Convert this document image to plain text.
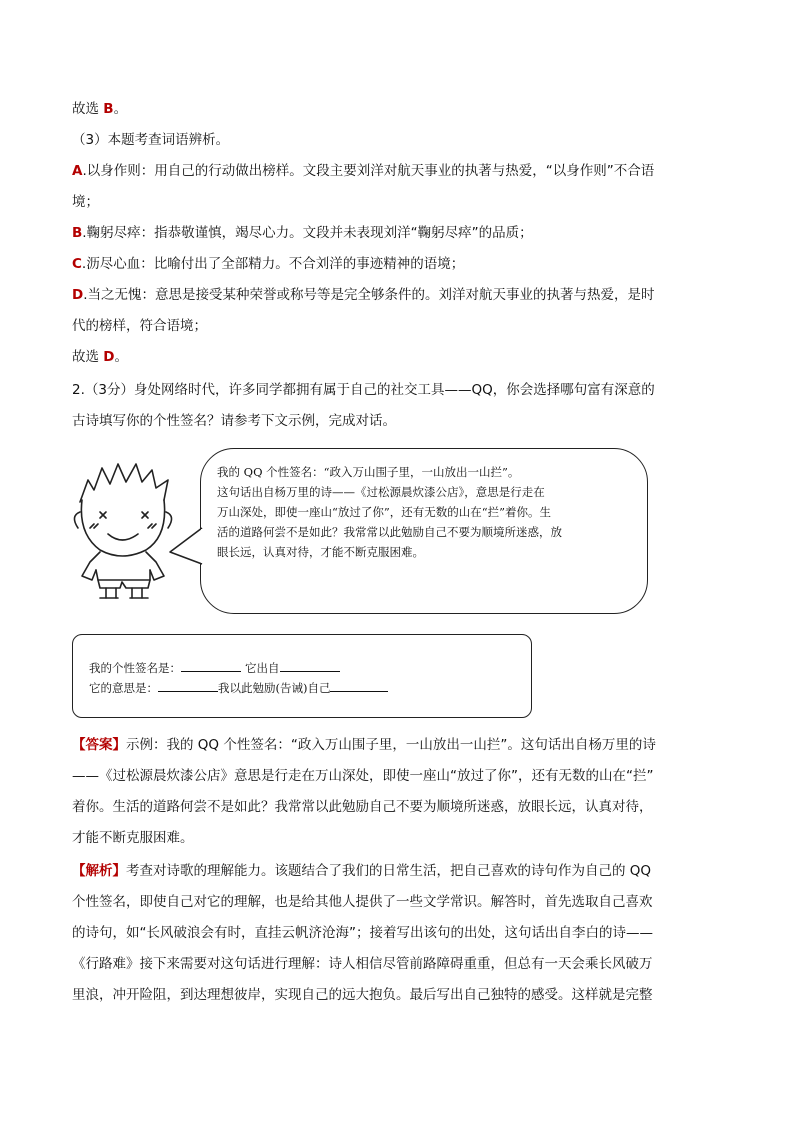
故选 B。
（3）本题考查词语辨析。
A.以身作则：用自己的行动做出榜样。文段主要刘洋对航天事业的执著与热爱，“以身作则”不合语
境；
B.鞠躬尽瘁：指恭敬谨慎，竭尽心力。文段并未表现刘洋“鞠躬尽瘁”的品质；
C.沥尽心血：比喻付出了全部精力。不合刘洋的事迹精神的语境；
D.当之无愧：意思是接受某种荣誉或称号等是完全够条件的。刘洋对航天事业的执著与热爱，是时
代的榜样，符合语境；
故选 D。
2.（3分）身处网络时代，许多同学都拥有属于自己的社交工具——QQ，你会选择哪句富有深意的
古诗填写你的个性签名？请参考下文示例，完成对话。
我的 QQ 个性签名：“政入万山围子里，一山放出一山拦”。
这句话出自杨万里的诗——《过松源晨炊漆公店》，意思是行走在
万山深处，即使一座山“放过了你”，还有无数的山在“拦”着你。生
活的道路何尝不是如此？我常常以此勉励自己不要为顺境所迷惑，放
眼长远，认真对待，才能不断克服困难。
我的个性签名是：	它出自
它的意思是：	我以此勉励(告诫)自己
【答案】示例：我的 QQ 个性签名：“政入万山围子里，一山放出一山拦”。这句话出自杨万里的诗
——《过松源晨炊漆公店》意思是行走在万山深处，即使一座山“放过了你”，还有无数的山在“拦”
着你。生活的道路何尝不是如此？我常常以此勉励自己不要为顺境所迷惑，放眼长远，认真对待，
才能不断克服困难。
【解析】考查对诗歌的理解能力。该题结合了我们的日常生活，把自己喜欢的诗句作为自己的 QQ
个性签名，即使自己对它的理解，也是给其他人提供了一些文学常识。解答时，首先选取自己喜欢
的诗句，如“长风破浪会有时，直挂云帆济沧海”；接着写出该句的出处，这句话出自李白的诗——
《行路难》接下来需要对这句话进行理解：诗人相信尽管前路障碍重重，但总有一天会乘长风破万
里浪，冲开险阻，到达理想彼岸，实现自己的远大抱负。最后写出自己独特的感受。这样就是完整
